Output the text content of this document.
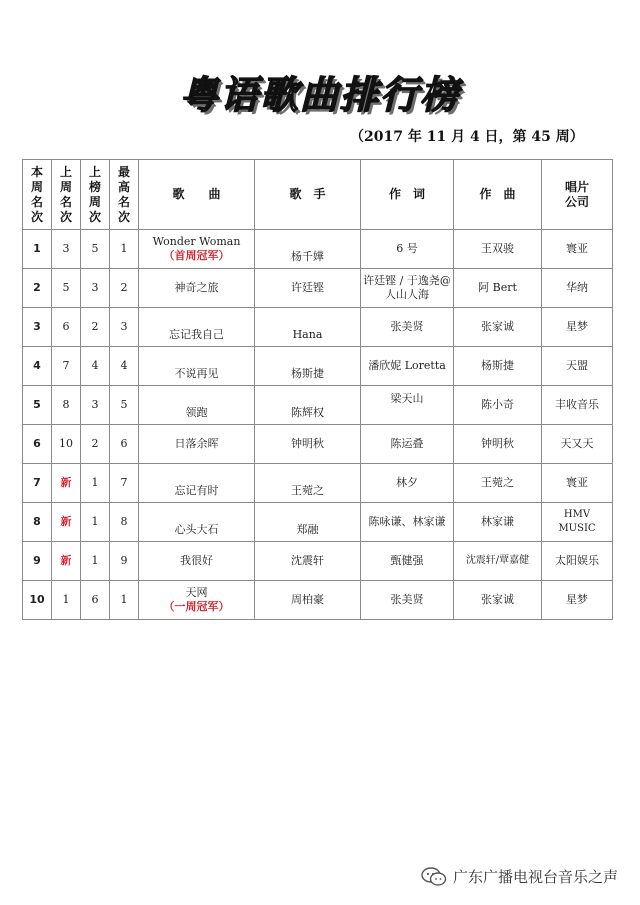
粤语歌曲排行榜
（2017 年 11 月 4 日，第 45 周）
本
周
名
次	上
周
名
次	上
榜
周
次	最
高
名
次	歌　　曲	歌　手	作　词	作　曲	唱片
公司

1	3	5	1	Wonder Woman
（首周冠军）	杨千嬅	6 号	王双骏	寰亚
2	5	3	2	神奇之旅	许廷铿	许廷铿 / 于逸尧@人山人海	阿 Bert	华纳
3	6	2	3	忘记我自己	Hana	张美贤	张家诚	星梦
4	7	4	4	不说再见	杨斯捷	潘欣妮 Loretta	杨斯捷	天盟
5	8	3	5	领跑	陈辉权	梁天山	陈小奇	丰收音乐
6	10	2	6	日落余晖	钟明秋	陈运叠	钟明秋	天又天
7	新	1	7	忘记有时	王菀之	林夕	王菀之	寰亚
8	新	1	8	心头大石	郑融	陈咏谦、林家谦	林家谦	HMV MUSIC
9	新	1	9	我很好	沈震轩	甄健强	沈震轩/覃嘉健	太阳娱乐
10	1	6	1	天网
（一周冠军）	周柏豪	张美贤	张家诚	星梦
广东广播电视台音乐之声
